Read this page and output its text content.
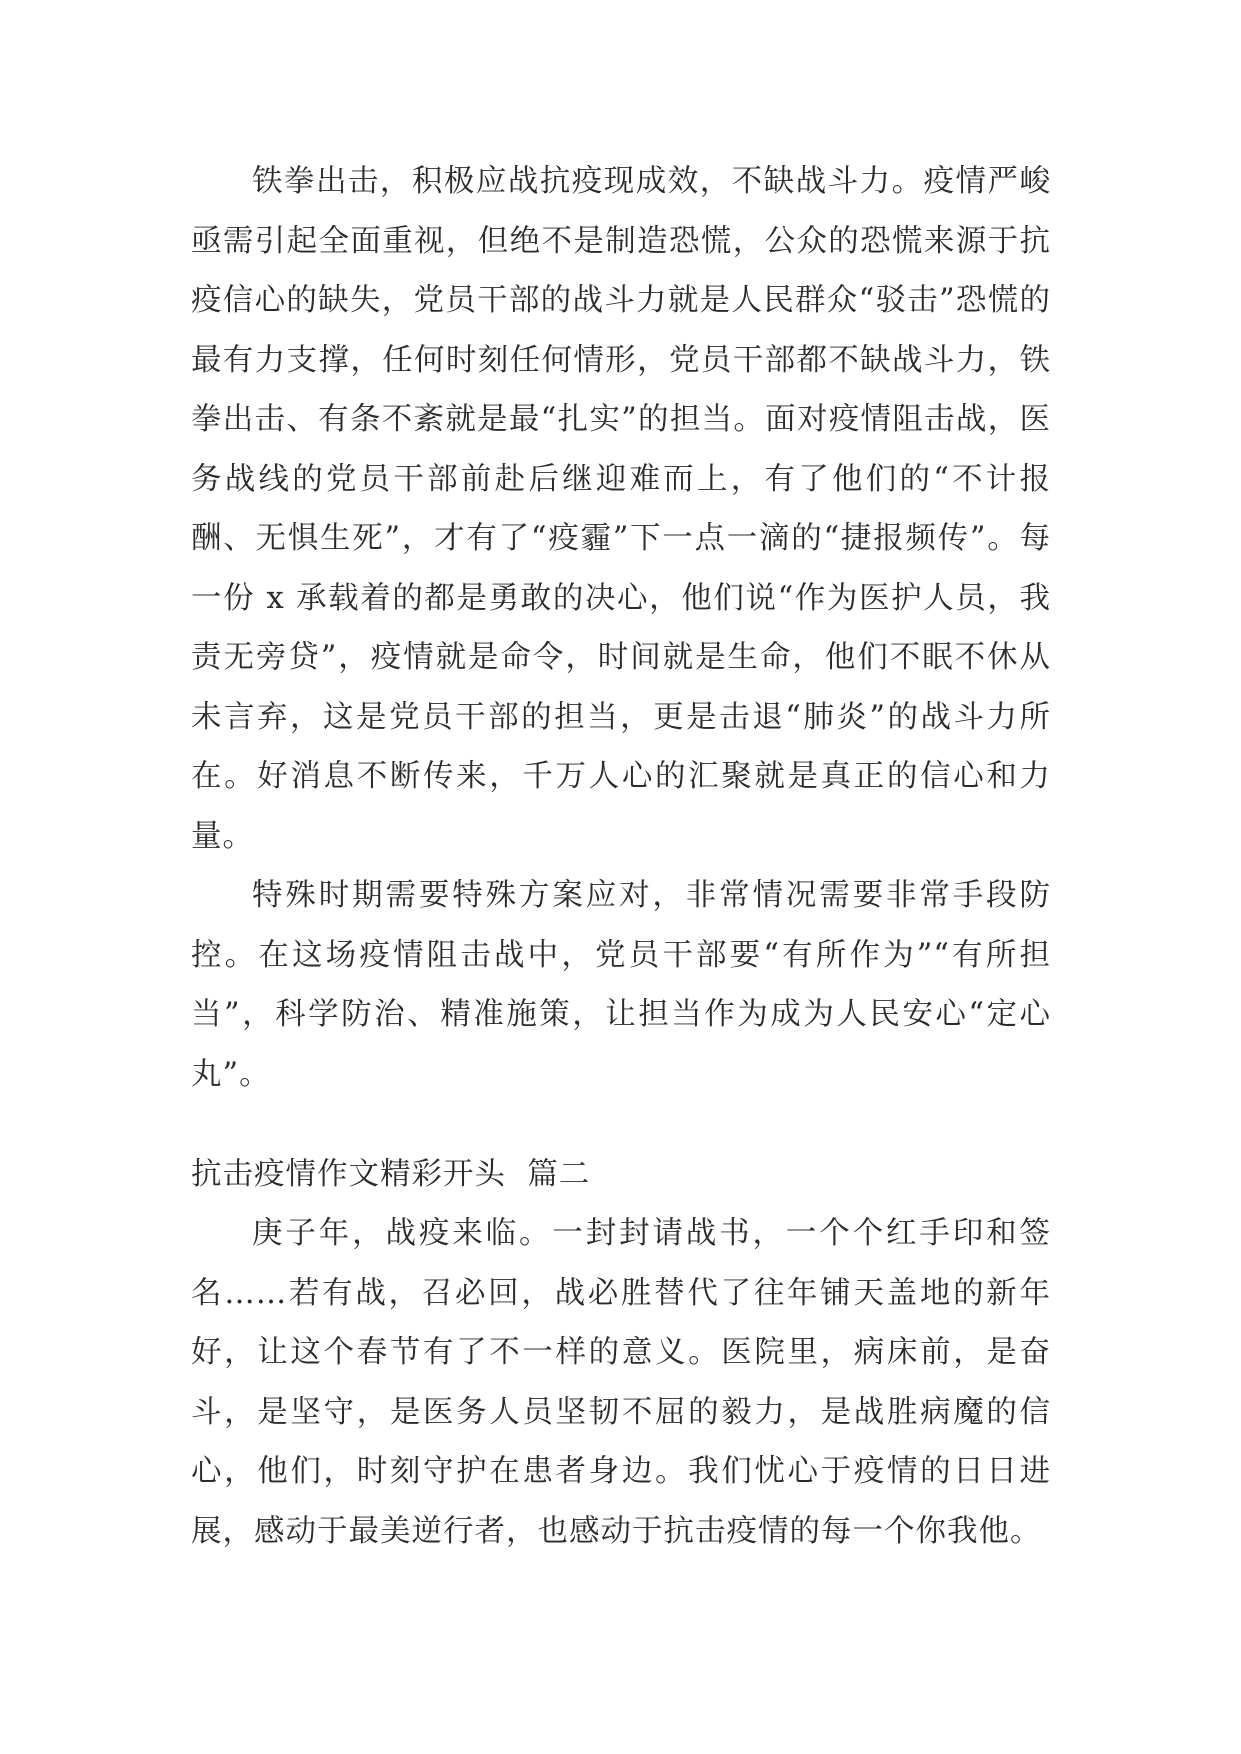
铁拳出击，积极应战抗疫现成效，不缺战斗力。疫情严峻亟需引起全面重视，但绝不是制造恐慌，公众的恐慌来源于抗疫信心的缺失，党员干部的战斗力就是人民群众“驳击”恐慌的最有力支撑，任何时刻任何情形，党员干部都不缺战斗力，铁拳出击、有条不紊就是最“扎实”的担当。面对疫情阻击战，医务战线的党员干部前赴后继迎难而上，有了他们的“不计报酬、无惧生死”，才有了“疫霾”下一点一滴的“捷报频传”。每一份 x 承载着的都是勇敢的决心，他们说“作为医护人员，我责无旁贷”，疫情就是命令，时间就是生命，他们不眠不休从未言弃，这是党员干部的担当，更是击退“肺炎”的战斗力所在。好消息不断传来，千万人心的汇聚就是真正的信心和力量。

特殊时期需要特殊方案应对，非常情况需要非常手段防控。在这场疫情阻击战中，党员干部要“有所作为”“有所担当”，科学防治、精准施策，让担当作为成为人民安心“定心丸”。

抗击疫情作文精彩开头  篇二

庚子年，战疫来临。一封封请战书，一个个红手印和签名……若有战，召必回，战必胜替代了往年铺天盖地的新年好，让这个春节有了不一样的意义。医院里，病床前，是奋斗，是坚守，是医务人员坚韧不屈的毅力，是战胜病魔的信心，他们，时刻守护在患者身边。我们忧心于疫情的日日进展，感动于最美逆行者，也感动于抗击疫情的每一个你我他。
